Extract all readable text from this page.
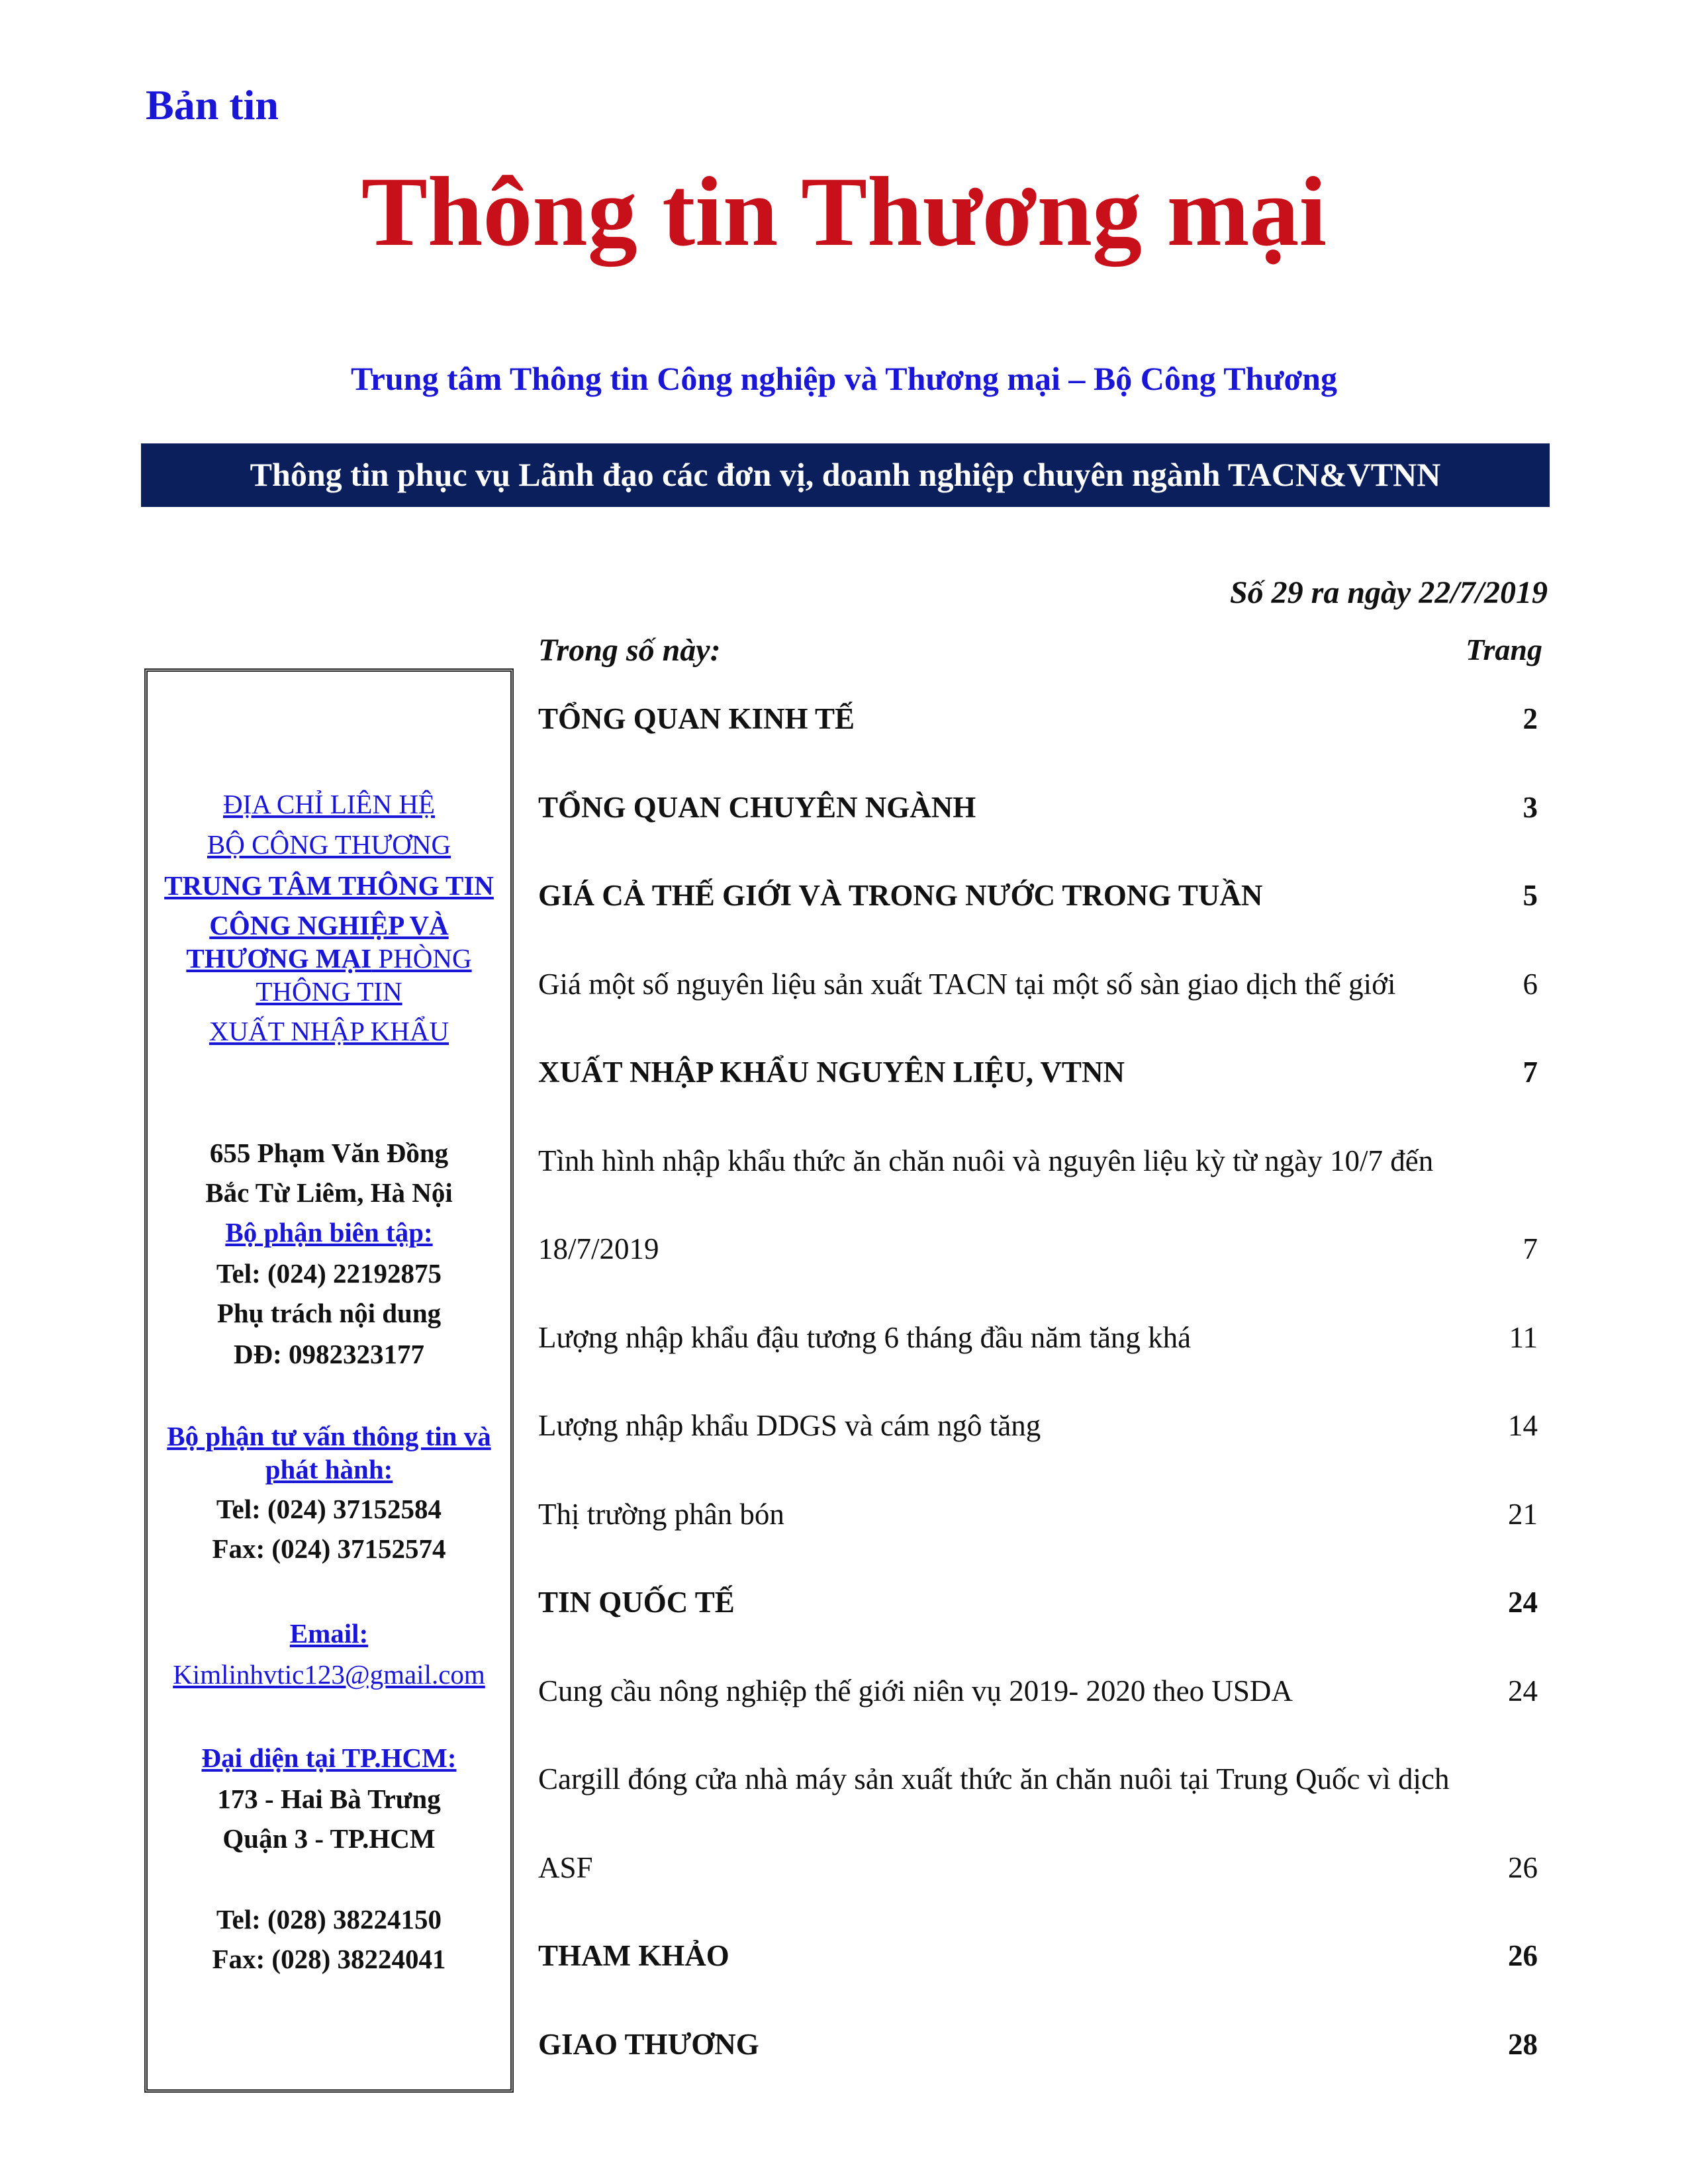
Bản tin
Thông tin Thương mại
Trung tâm Thông tin Công nghiệp và Thương mại – Bộ Công Thương
Thông tin phục vụ Lãnh đạo các đơn vị, doanh nghiệp chuyên ngành TACN&VTNN
Số 29 ra ngày 22/7/2019
Trong số này:	Trang
ĐỊA CHỈ LIÊN HỆ
BỘ CÔNG THƯƠNG
TRUNG TÂM THÔNG TIN
CÔNG NGHIỆP VÀ
THƯƠNG MẠI PHÒNG
THÔNG TIN
XUẤT NHẬP KHẨU
655 Phạm Văn Đồng
Bắc Từ Liêm, Hà Nội
Bộ phận biên tập:
Tel: (024) 22192875
Phụ trách nội dung
DĐ: 0982323177
Bộ phận tư vấn thông tin và
phát hành:
Tel: (024) 37152584
Fax: (024) 37152574
Email:
Kimlinhvtic123@gmail.com
Đại diện tại TP.HCM:
173 - Hai Bà Trưng
Quận 3 - TP.HCM
Tel: (028) 38224150
Fax: (028) 38224041
TỔNG QUAN KINH TẾ	2
TỔNG QUAN CHUYÊN NGÀNH	3
GIÁ CẢ THẾ GIỚI VÀ TRONG NƯỚC TRONG TUẦN	5
Giá một số nguyên liệu sản xuất TACN tại một số sàn giao dịch thế giới	6
XUẤT NHẬP KHẨU NGUYÊN LIỆU, VTNN	7
Tình hình nhập khẩu thức ăn chăn nuôi và nguyên liệu kỳ từ ngày 10/7 đến
18/7/2019	7
Lượng nhập khẩu đậu tương 6 tháng đầu năm tăng khá	11
Lượng nhập khẩu DDGS và cám ngô tăng	14
Thị trường phân bón	21
TIN QUỐC TẾ	24
Cung cầu nông nghiệp thế giới niên vụ 2019- 2020 theo USDA	24
Cargill đóng cửa nhà máy sản xuất thức ăn chăn nuôi tại Trung Quốc vì dịch
ASF	26
THAM KHẢO	26
GIAO THƯƠNG	28
